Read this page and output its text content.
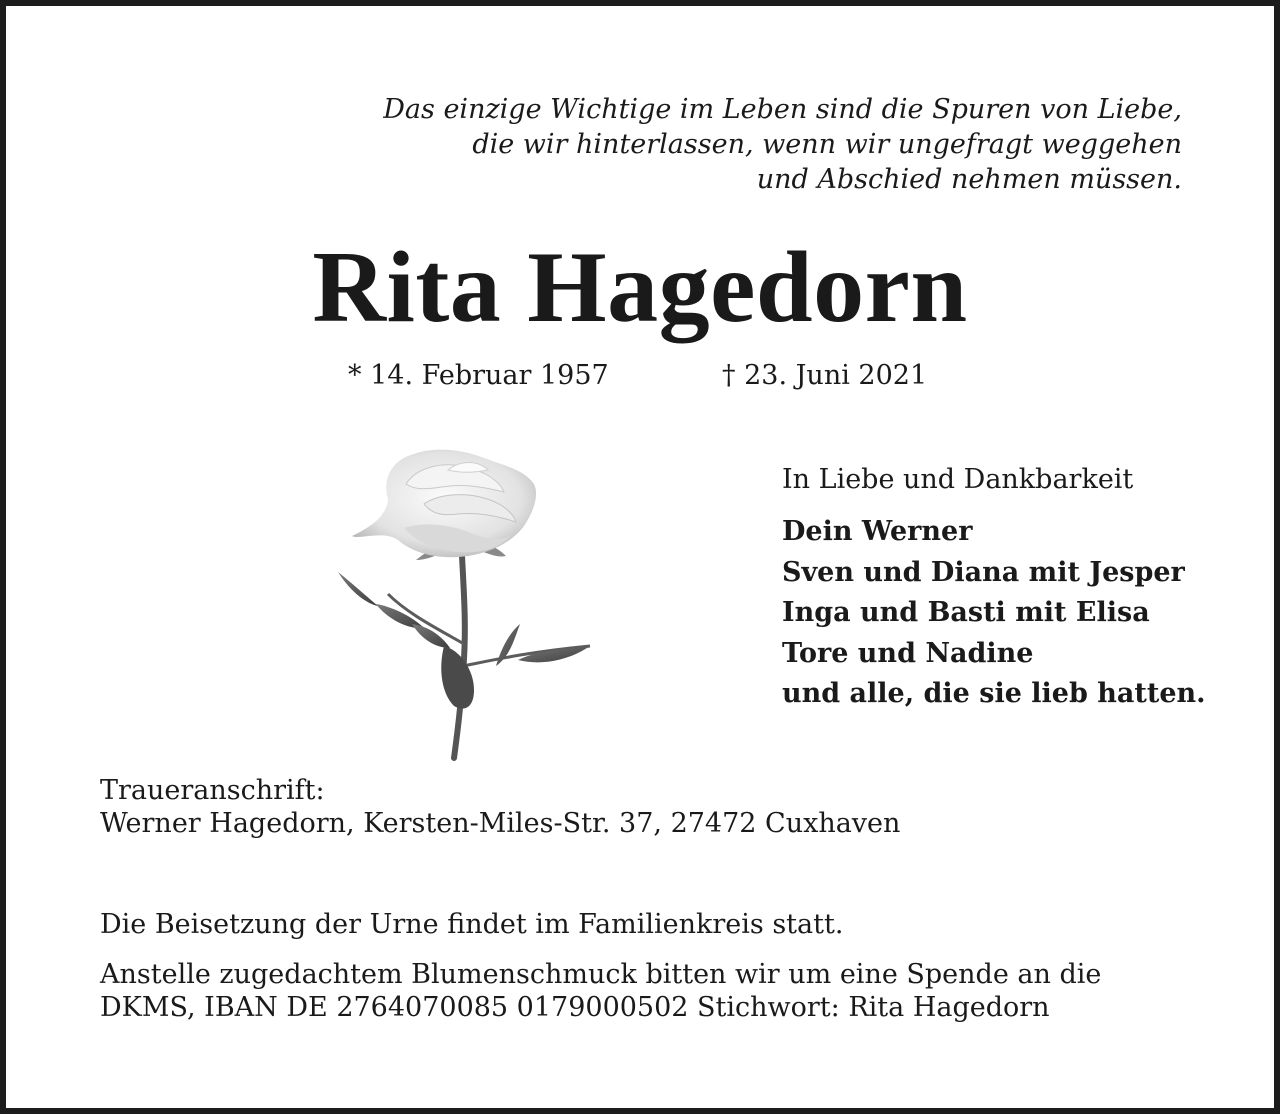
Das einzige Wichtige im Leben sind die Spuren von Liebe,
die wir hinterlassen, wenn wir ungefragt weggehen
und Abschied nehmen müssen.
Rita Hagedorn
* 14. Februar 1957	† 23. Juni 2021
In Liebe und Dankbarkeit
Dein Werner
Sven und Diana mit Jesper
Inga und Basti mit Elisa
Tore und Nadine
und alle, die sie lieb hatten.
Traueranschrift:
Werner Hagedorn, Kersten-Miles-Str. 37, 27472 Cuxhaven
Die Beisetzung der Urne findet im Familienkreis statt.
Anstelle zugedachtem Blumenschmuck bitten wir um eine Spende an die
DKMS, IBAN DE 2764070085 0179000502 Stichwort: Rita Hagedorn
